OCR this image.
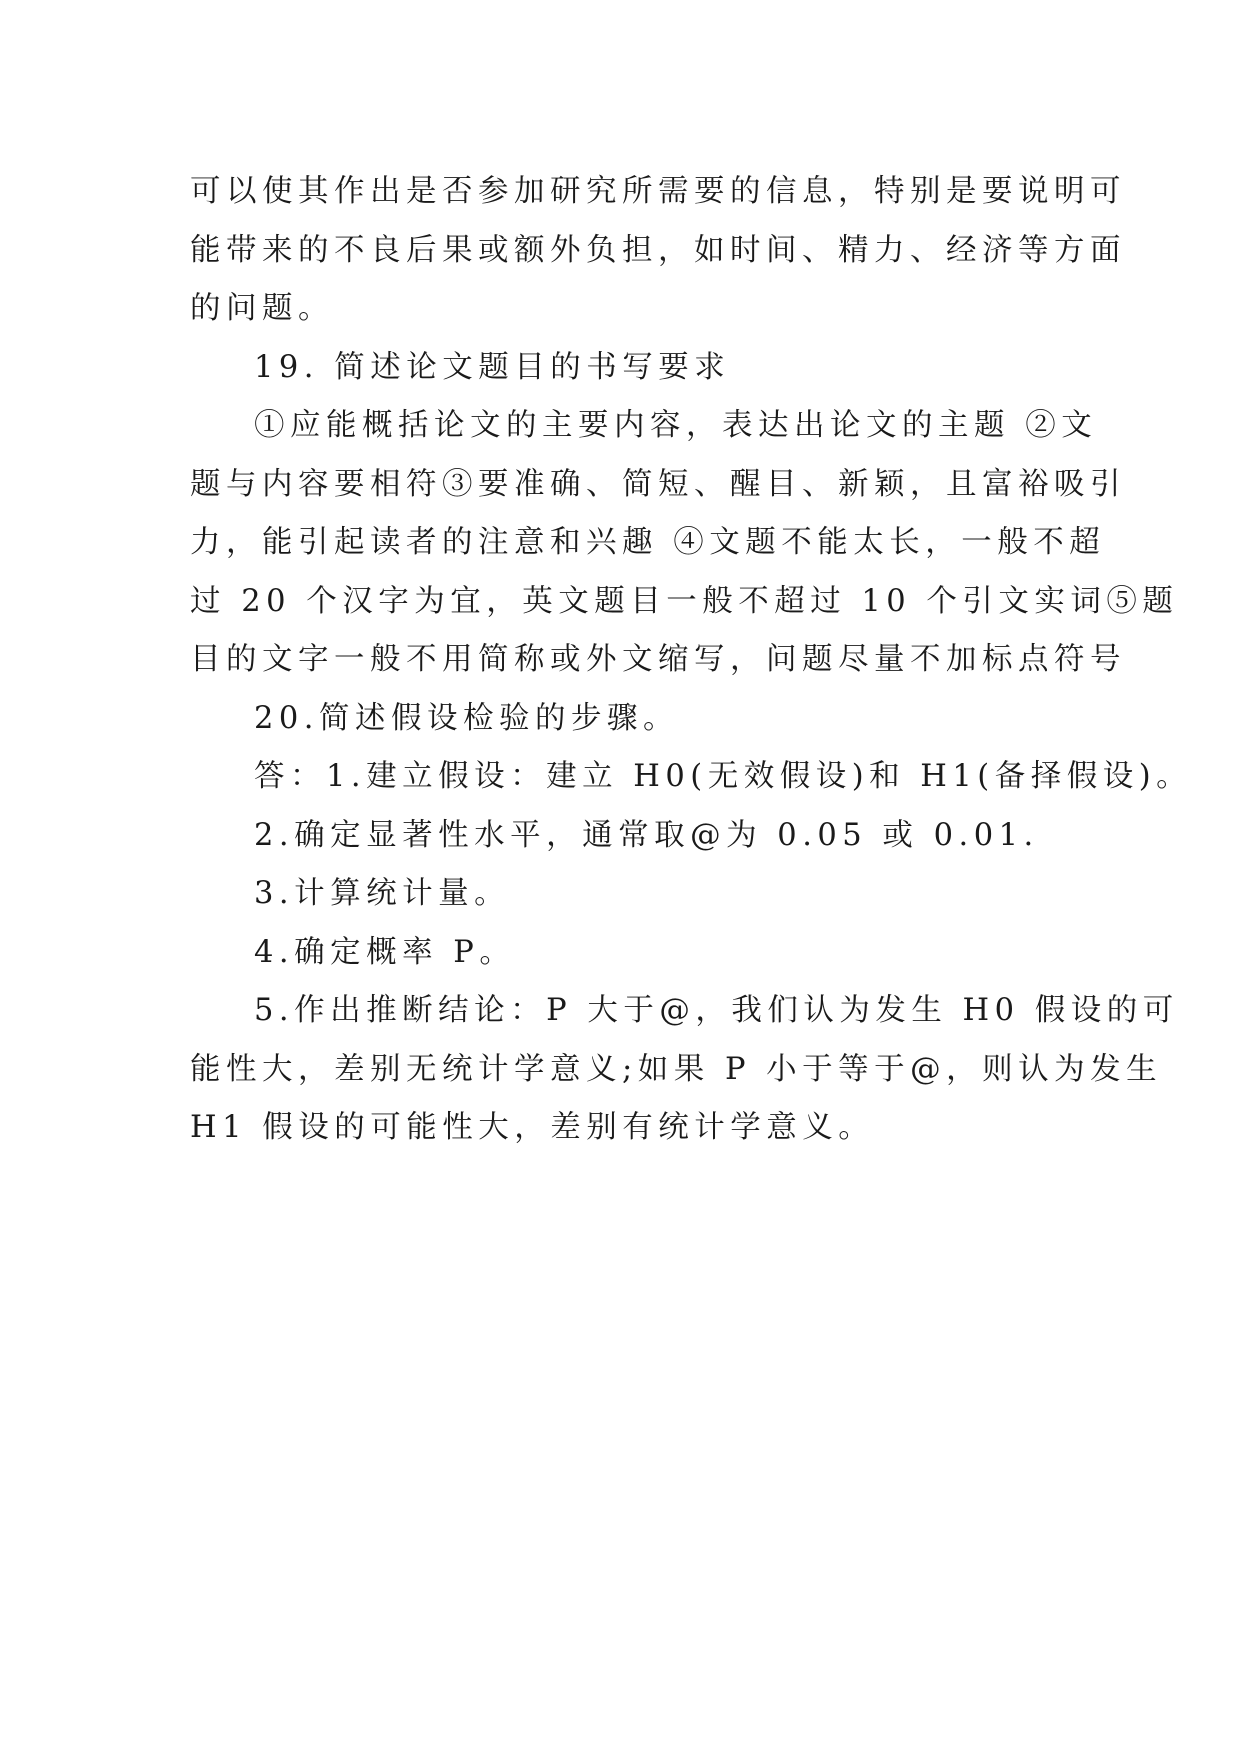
可以使其作出是否参加研究所需要的信息，特别是要说明可
能带来的不良后果或额外负担，如时间、精力、经济等方面
的问题。

19. 简述论文题目的书写要求

①应能概括论文的主要内容，表达出论文的主题 ②文
题与内容要相符③要准确、简短、醒目、新颖，且富裕吸引
力，能引起读者的注意和兴趣 ④文题不能太长，一般不超
过 20 个汉字为宜，英文题目一般不超过 10 个引文实词⑤题
目的文字一般不用简称或外文缩写，问题尽量不加标点符号

20.简述假设检验的步骤。

答：1.建立假设：建立 H0(无效假设)和 H1(备择假设)。

2.确定显著性水平，通常取@为 0.05 或 0.01.

3.计算统计量。

4.确定概率 P。

5.作出推断结论：P 大于@，我们认为发生 H0 假设的可
能性大，差别无统计学意义;如果 P 小于等于@，则认为发生
H1 假设的可能性大，差别有统计学意义。
